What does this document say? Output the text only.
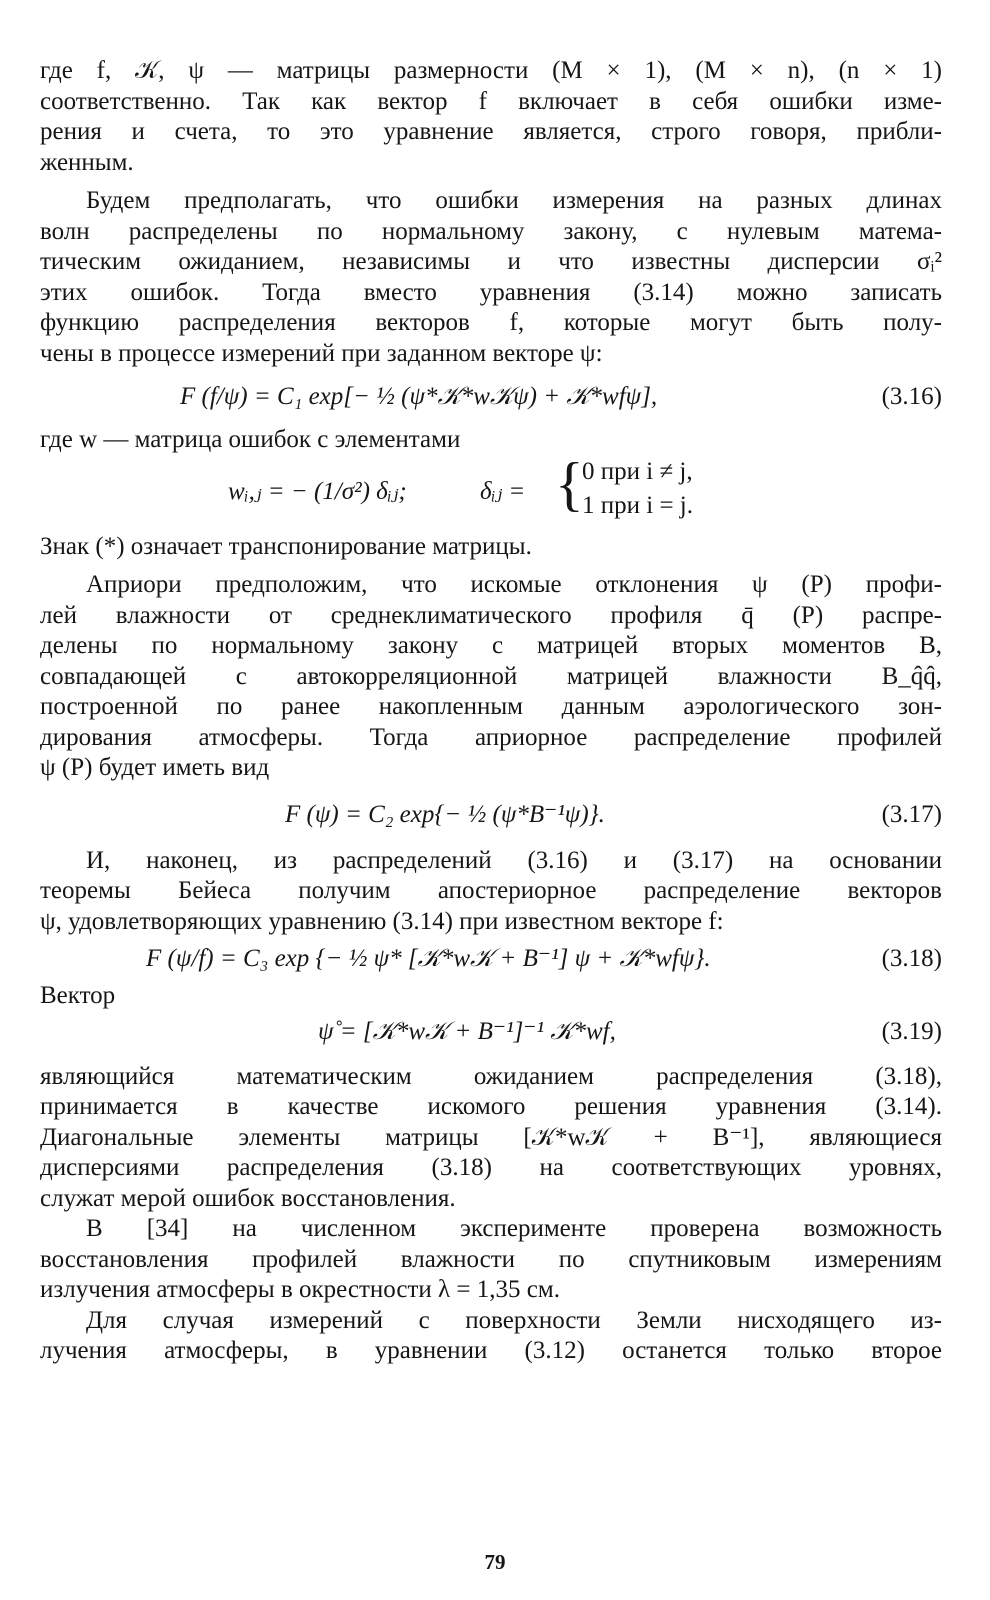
где f, 𝒦, ψ — матрицы размерности (M × 1), (M × n), (n × 1)
соответственно. Так как вектор f включает в себя ошибки изме-
рения и счета, то это уравнение является, строго говоря, прибли-
женным.
Будем предполагать, что ошибки измерения на разных длинах
волн распределены по нормальному закону, с нулевым матема-
тическим ожиданием, независимы и что известны дисперсии σᵢ²
этих ошибок. Тогда вместо уравнения (3.14) можно записать
функцию распределения векторов f, которые могут быть полу-
чены в процессе измерений при заданном векторе ψ:
F (f/ψ) = C₁ exp[− ½ (ψ*𝒦*w𝒦ψ) + 𝒦*wfψ],	(3.16)
где w — матрица ошибок с элементами
wᵢ,ⱼ = − (1/σ²) δᵢⱼ;	δᵢⱼ = {
0 при i ≠ j,
1 при i = j.
Знак (*) означает транспонирование матрицы.
Априори предположим, что искомые отклонения ψ (P) профи-
лей влажности от среднеклиматического профиля q̄ (P) распре-
делены по нормальному закону с матрицей вторых моментов B,
совпадающей с автокорреляционной матрицей влажности B_q̂q̂,
построенной по ранее накопленным данным аэрологического зон-
дирования атмосферы. Тогда априорное распределение профилей
ψ (P) будет иметь вид
F (ψ) = C₂ exp{− ½ (ψ*B⁻¹ψ)}.	(3.17)
И, наконец, из распределений (3.16) и (3.17) на основании
теоремы Бейеса получим апостериорное распределение векторов
ψ, удовлетворяющих уравнению (3.14) при известном векторе f:
F (ψ/f) = C₃ exp {− ½ ψ* [𝒦*w𝒦 + B⁻¹] ψ + 𝒦*wfψ}.	(3.18)
Вектор
ψ̊ = [𝒦*w𝒦 + B⁻¹]⁻¹ 𝒦*wf,	(3.19)
являющийся математическим ожиданием распределения (3.18),
принимается в качестве искомого решения уравнения (3.14).
Диагональные элементы матрицы [𝒦*w𝒦 + B⁻¹], являющиеся
дисперсиями распределения (3.18) на соответствующих уровнях,
служат мерой ошибок восстановления.
В [34] на численном эксперименте проверена возможность
восстановления профилей влажности по спутниковым измерениям
излучения атмосферы в окрестности λ = 1,35 см.
Для случая измерений с поверхности Земли нисходящего из-
лучения атмосферы, в уравнении (3.12) останется только второе
79
